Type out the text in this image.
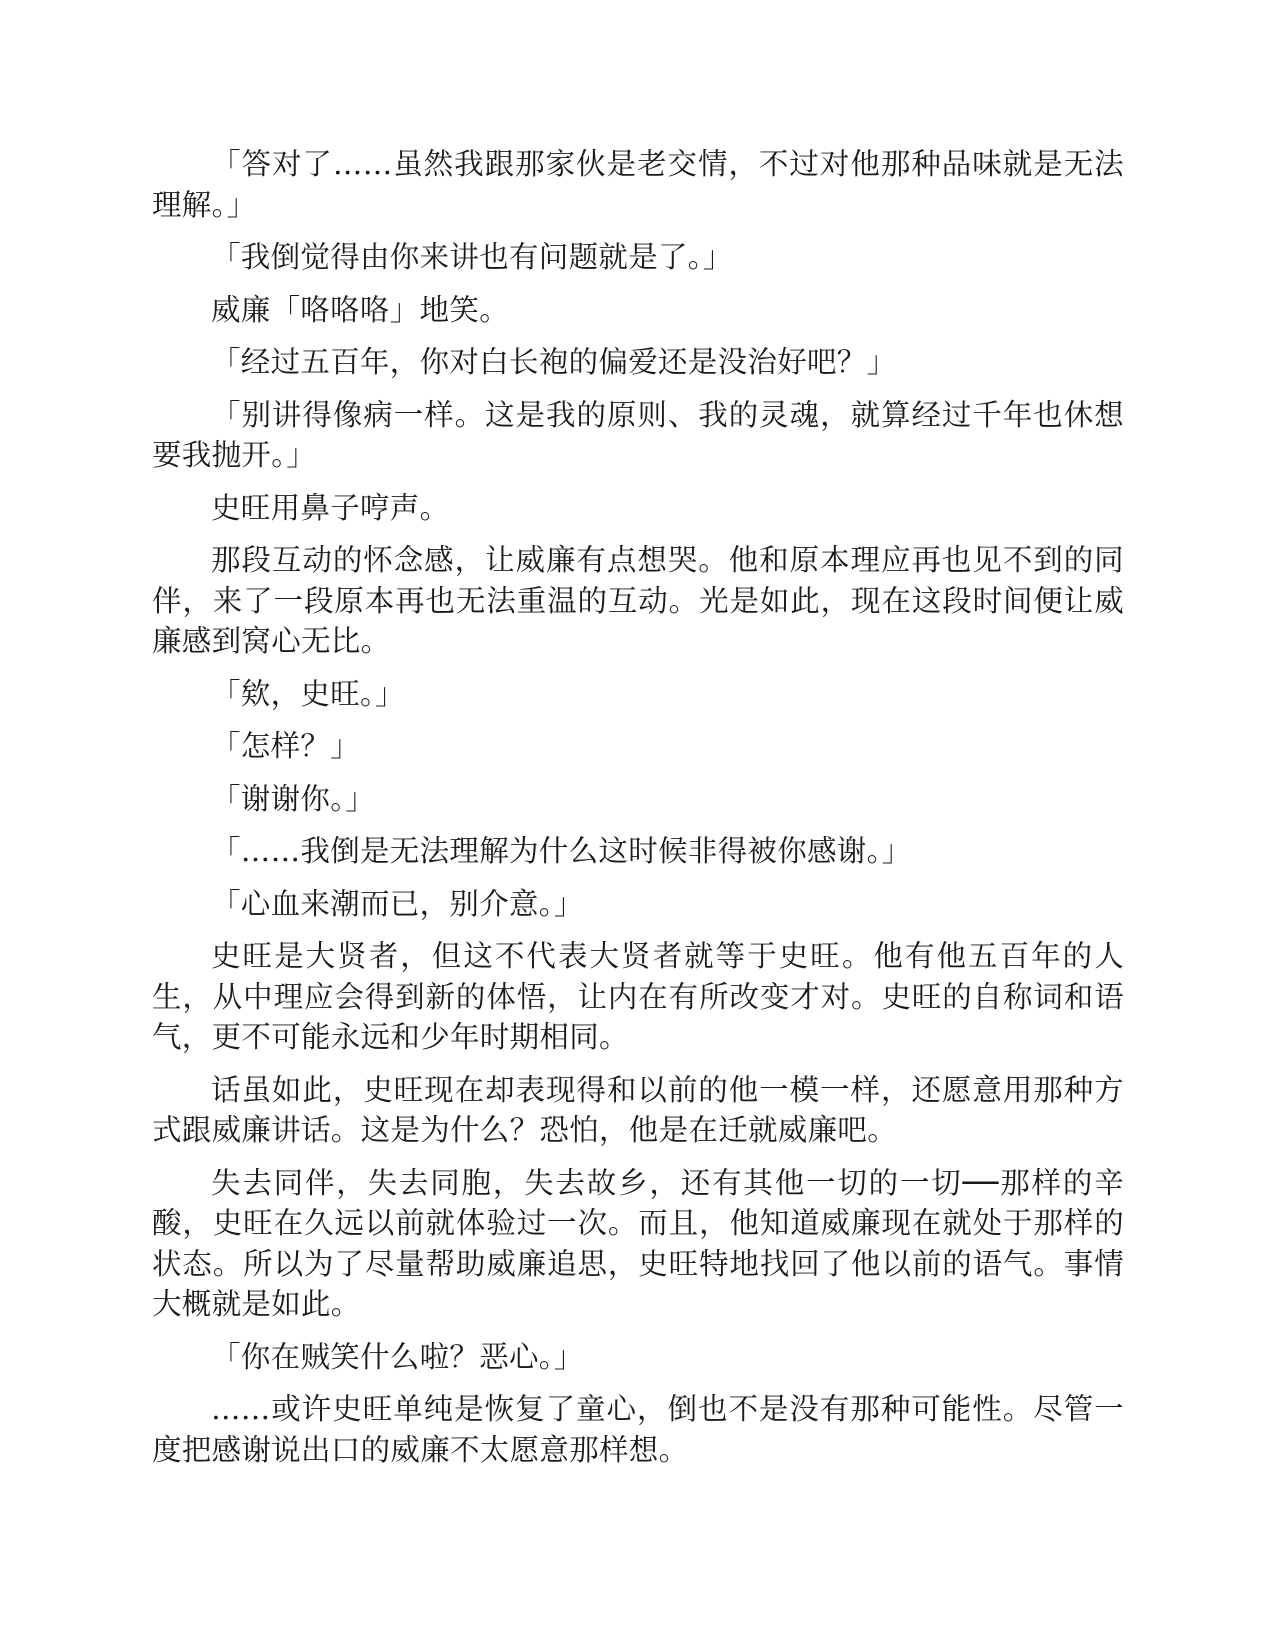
「答对了……虽然我跟那家伙是老交情，不过对他那种品味就是无法理解。」

「我倒觉得由你来讲也有问题就是了。」

威廉「咯咯咯」地笑。

「经过五百年，你对白长袍的偏爱还是没治好吧？」

「别讲得像病一样。这是我的原则、我的灵魂，就算经过千年也休想要我抛开。」

史旺用鼻子哼声。

那段互动的怀念感，让威廉有点想哭。他和原本理应再也见不到的同伴，来了一段原本再也无法重温的互动。光是如此，现在这段时间便让威廉感到窝心无比。

「欸，史旺。」

「怎样？」

「谢谢你。」

「……我倒是无法理解为什么这时候非得被你感谢。」

「心血来潮而已，别介意。」

史旺是大贤者，但这不代表大贤者就等于史旺。他有他五百年的人生，从中理应会得到新的体悟，让内在有所改变才对。史旺的自称词和语气，更不可能永远和少年时期相同。

话虽如此，史旺现在却表现得和以前的他一模一样，还愿意用那种方式跟威廉讲话。这是为什么？恐怕，他是在迁就威廉吧。

失去同伴，失去同胞，失去故乡，还有其他一切的一切──那样的辛酸，史旺在久远以前就体验过一次。而且，他知道威廉现在就处于那样的状态。所以为了尽量帮助威廉追思，史旺特地找回了他以前的语气。事情大概就是如此。

「你在贼笑什么啦？恶心。」

……或许史旺单纯是恢复了童心，倒也不是没有那种可能性。尽管一度把感谢说出口的威廉不太愿意那样想。
